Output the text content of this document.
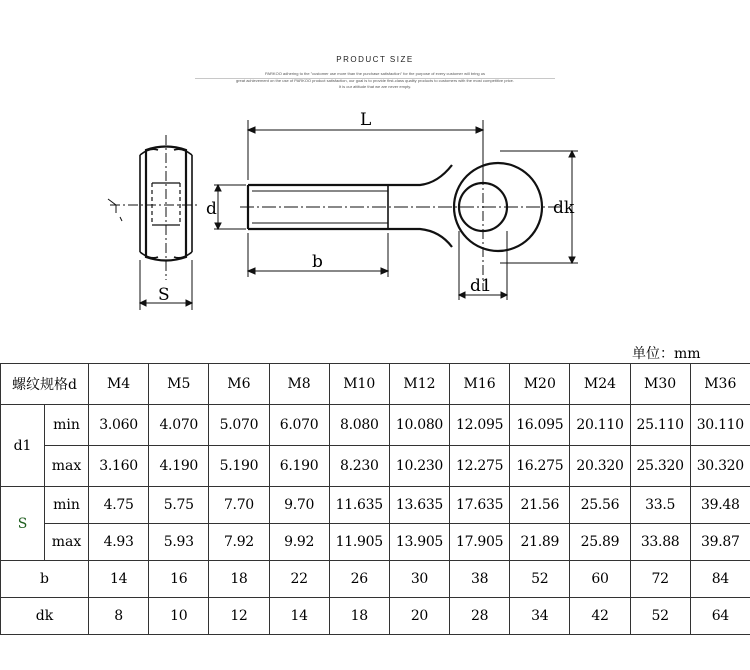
PRODUCT SIZE
PARKOO adhering to the "customer use more than the purchase satisfaction" for the purpose of every customer will bring us
great achievement on the use of PARKOO product satisfaction, our goal is to provide first-class quality products to customers with the most competitive price.
It is our attitude that we are never empty.
L
d
b
dk
d1
S
单位：mm
螺纹规格d		M4	M5	M6	M8	M10	M12	M16	M20	M24	M30	M36
d1	min	3.060	4.070	5.070	6.070	8.080	10.080	12.095	16.095	20.110	25.110	30.110
	max	3.160	4.190	5.190	6.190	8.230	10.230	12.275	16.275	20.320	25.320	30.320
S	min	4.75	5.75	7.70	9.70	11.635	13.635	17.635	21.56	25.56	33.5	39.48
	max	4.93	5.93	7.92	9.92	11.905	13.905	17.905	21.89	25.89	33.88	39.87
b		14	16	18	22	26	30	38	52	60	72	84
dk		8	10	12	14	18	20	28	34	42	52	64
